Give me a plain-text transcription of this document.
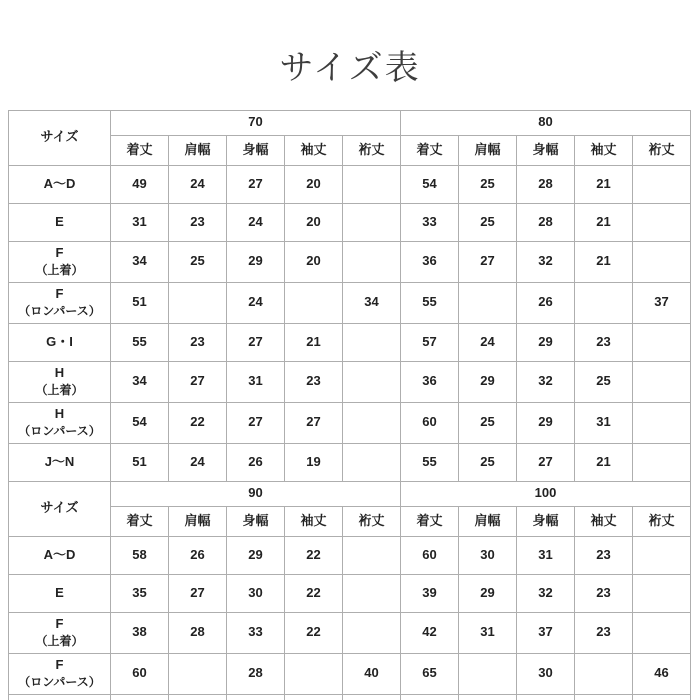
サイズ表
サイズ	70					80				
	着丈	肩幅	身幅	袖丈	裄丈	着丈	肩幅	身幅	袖丈	裄丈
A～D	49	24	27	20		54	25	28	21	
E	31	23	24	20		33	25	28	21	
F
（上着）	34	25	29	20		36	27	32	21	
F
（ロンパース）	51		24		34	55		26		37
G・I	55	23	27	21		57	24	29	23	
H
（上着）	34	27	31	23		36	29	32	25	
H
（ロンパース）	54	22	27	27		60	25	29	31	
J～N	51	24	26	19		55	25	27	21	
サイズ	90					100				
	着丈	肩幅	身幅	袖丈	裄丈	着丈	肩幅	身幅	袖丈	裄丈
A～D	58	26	29	22		60	30	31	23	
E	35	27	30	22		39	29	32	23	
F
（上着）	38	28	33	22		42	31	37	23	
F
（ロンパース）	60		28		40	65		30		46
